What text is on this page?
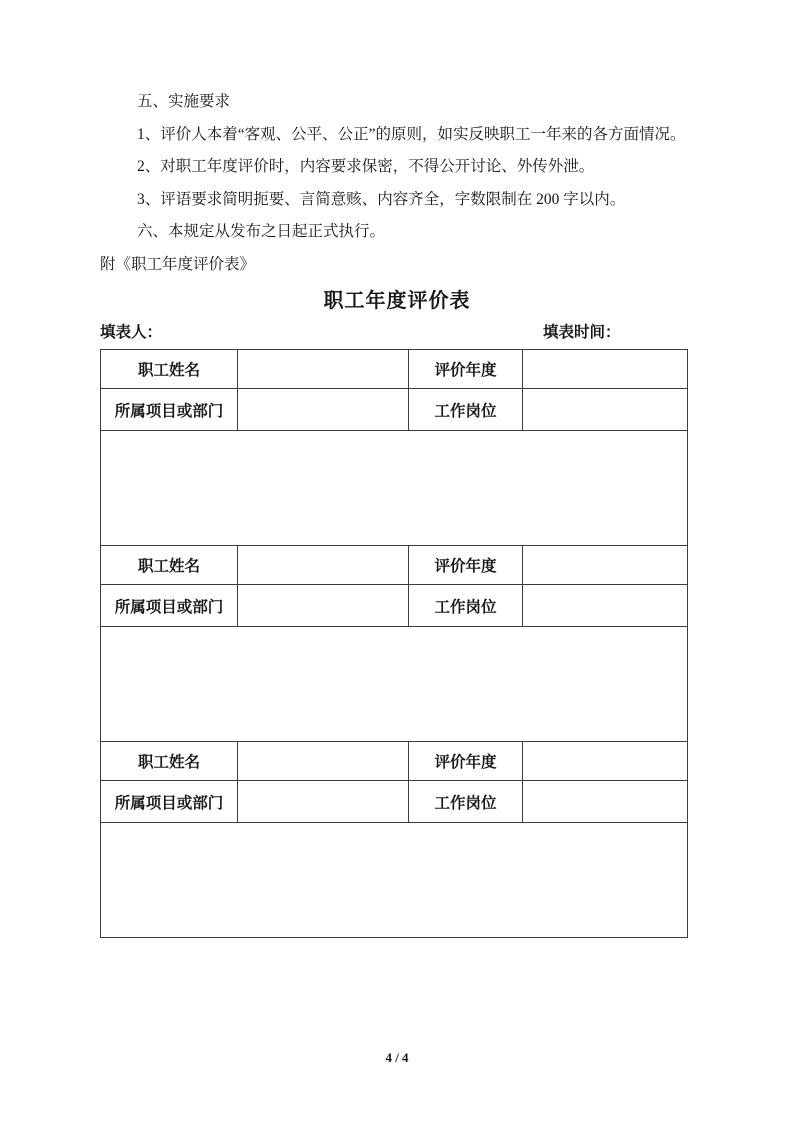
五、实施要求

1、评价人本着“客观、公平、公正”的原则，如实反映职工一年来的各方面情况。

2、对职工年度评价时，内容要求保密，不得公开讨论、外传外泄。

3、评语要求简明扼要、言简意赅、内容齐全，字数限制在 200 字以内。

六、本规定从发布之日起正式执行。

附《职工年度评价表》

职工年度评价表
填表人：	填表时间：
职工姓名		评价年度	
所属项目或部门		工作岗位	

职工姓名		评价年度	
所属项目或部门		工作岗位	

职工姓名		评价年度	
所属项目或部门		工作岗位	

4 / 4
